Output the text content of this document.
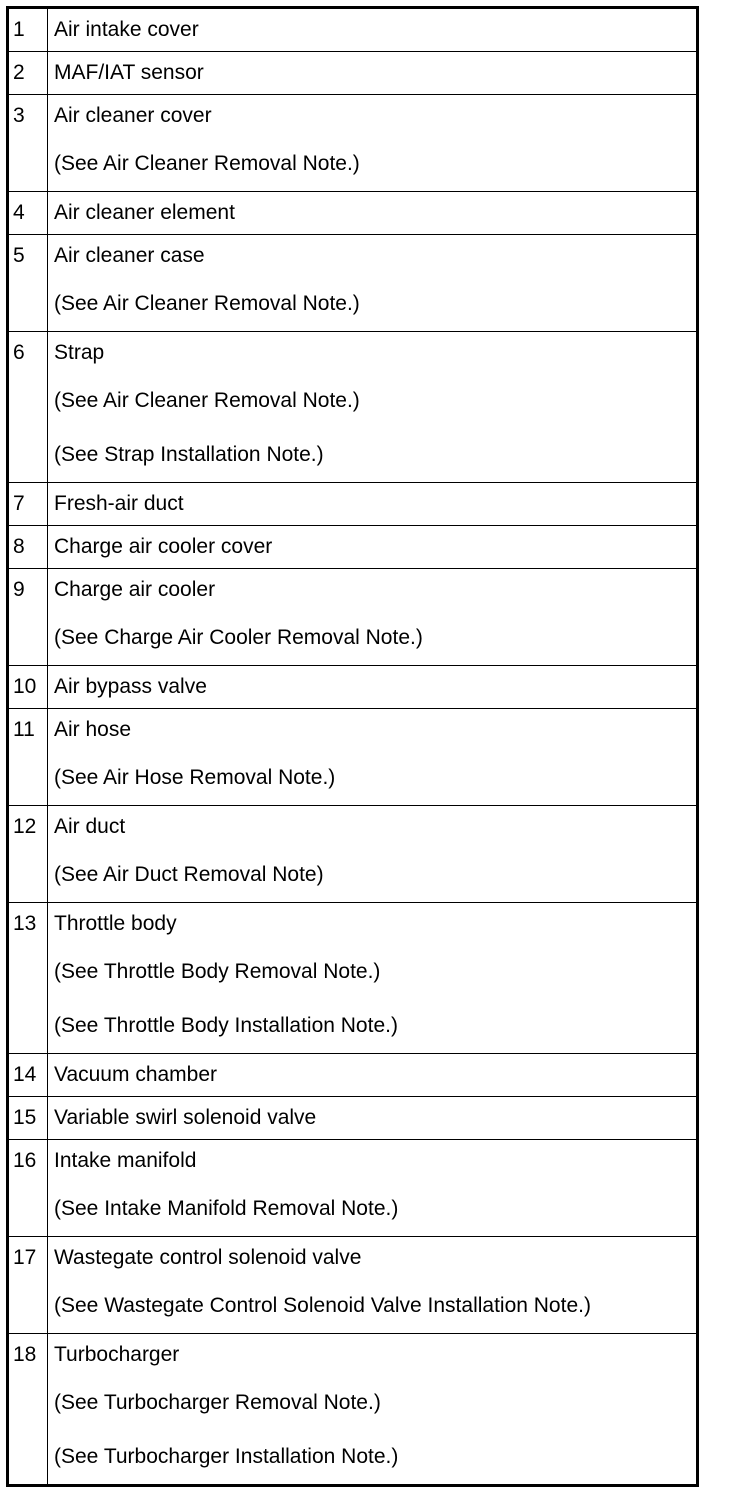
1	Air intake cover

2	MAF/IAT sensor

3	Air cleaner cover
(See Air Cleaner Removal Note.)

4	Air cleaner element

5	Air cleaner case
(See Air Cleaner Removal Note.)

6	Strap
(See Air Cleaner Removal Note.)
(See Strap Installation Note.)

7	Fresh-air duct

8	Charge air cooler cover

9	Charge air cooler
(See Charge Air Cooler Removal Note.)

10	Air bypass valve

11	Air hose
(See Air Hose Removal Note.)

12	Air duct
(See Air Duct Removal Note)

13	Throttle body
(See Throttle Body Removal Note.)
(See Throttle Body Installation Note.)

14	Vacuum chamber

15	Variable swirl solenoid valve

16	Intake manifold
(See Intake Manifold Removal Note.)

17	Wastegate control solenoid valve
(See Wastegate Control Solenoid Valve Installation Note.)

18	Turbocharger
(See Turbocharger Removal Note.)
(See Turbocharger Installation Note.)
